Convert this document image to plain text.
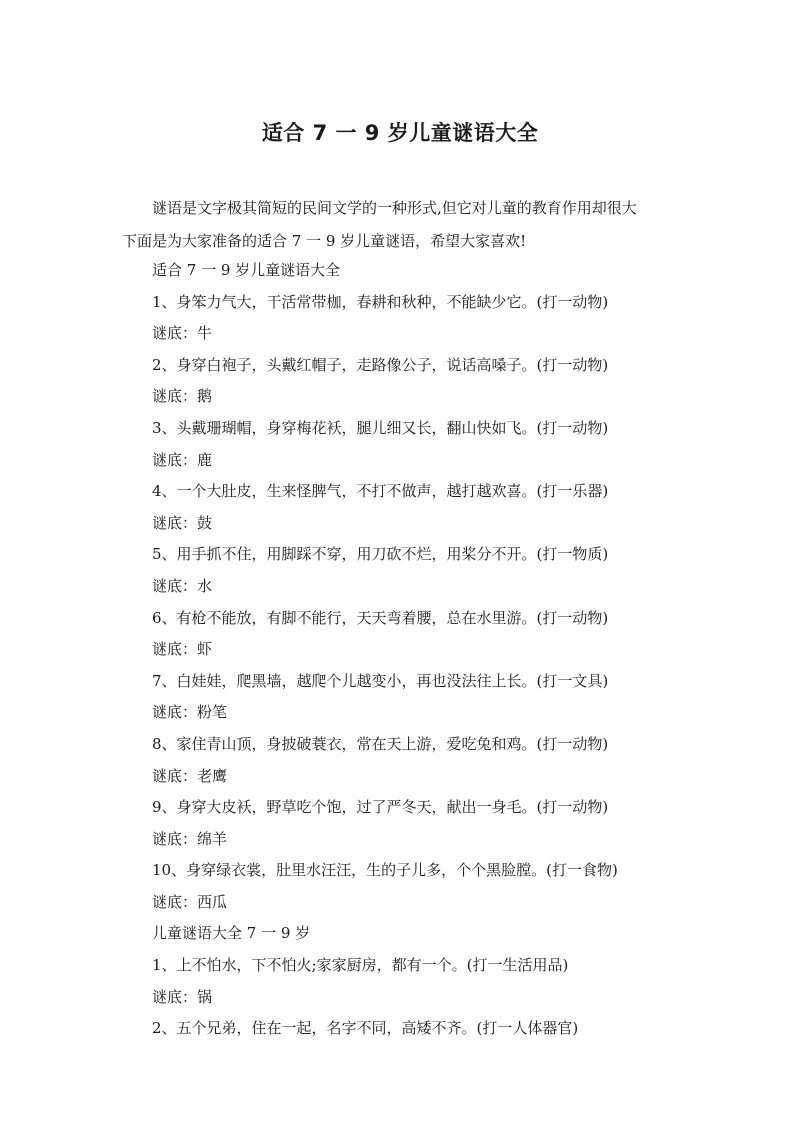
适合 7 一 9 岁儿童谜语大全

谜语是文字极其简短的民间文学的一种形式,但它对儿童的教育作用却很大

下面是为大家准备的适合 7 一 9 岁儿童谜语，希望大家喜欢!

适合 7 一 9 岁儿童谜语大全
1、身笨力气大，干活常带枷，春耕和秋种，不能缺少它。(打一动物)
谜底：牛
2、身穿白袍子，头戴红帽子，走路像公子，说话高嗓子。(打一动物)
谜底：鹅
3、头戴珊瑚帽，身穿梅花袄，腿儿细又长，翻山快如飞。(打一动物)
谜底：鹿
4、一个大肚皮，生来怪脾气，不打不做声，越打越欢喜。(打一乐器)
谜底：鼓
5、用手抓不住，用脚踩不穿，用刀砍不烂，用桨分不开。(打一物质)
谜底：水
6、有枪不能放，有脚不能行，天天弯着腰，总在水里游。(打一动物)
谜底：虾
7、白娃娃，爬黑墙，越爬个儿越变小，再也没法往上长。(打一文具)
谜底：粉笔
8、家住青山顶，身披破蓑衣，常在天上游，爱吃兔和鸡。(打一动物)
谜底：老鹰
9、身穿大皮袄，野草吃个饱，过了严冬天，献出一身毛。(打一动物)
谜底：绵羊
10、身穿绿衣裳，肚里水汪汪，生的子儿多，个个黑脸膛。(打一食物)
谜底：西瓜
儿童谜语大全 7 一 9 岁
1、上不怕水，下不怕火;家家厨房，都有一个。(打一生活用品)
谜底：锅
2、五个兄弟，住在一起，名字不同，高矮不齐。(打一人体器官)
